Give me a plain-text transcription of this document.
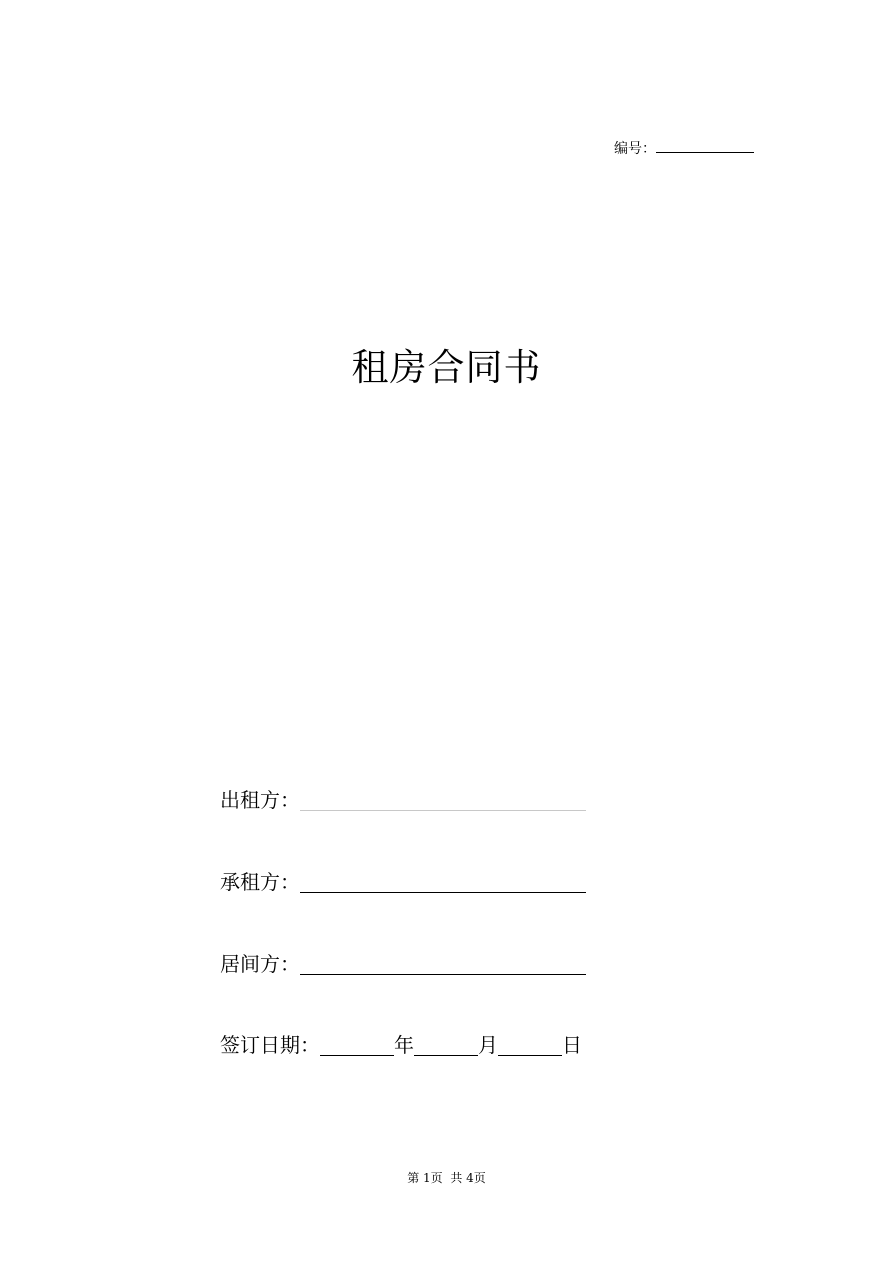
编号：
租房合同书
出租方：
承租方：
居间方：
签订日期：	年	月	日
第 1页 共 4页
